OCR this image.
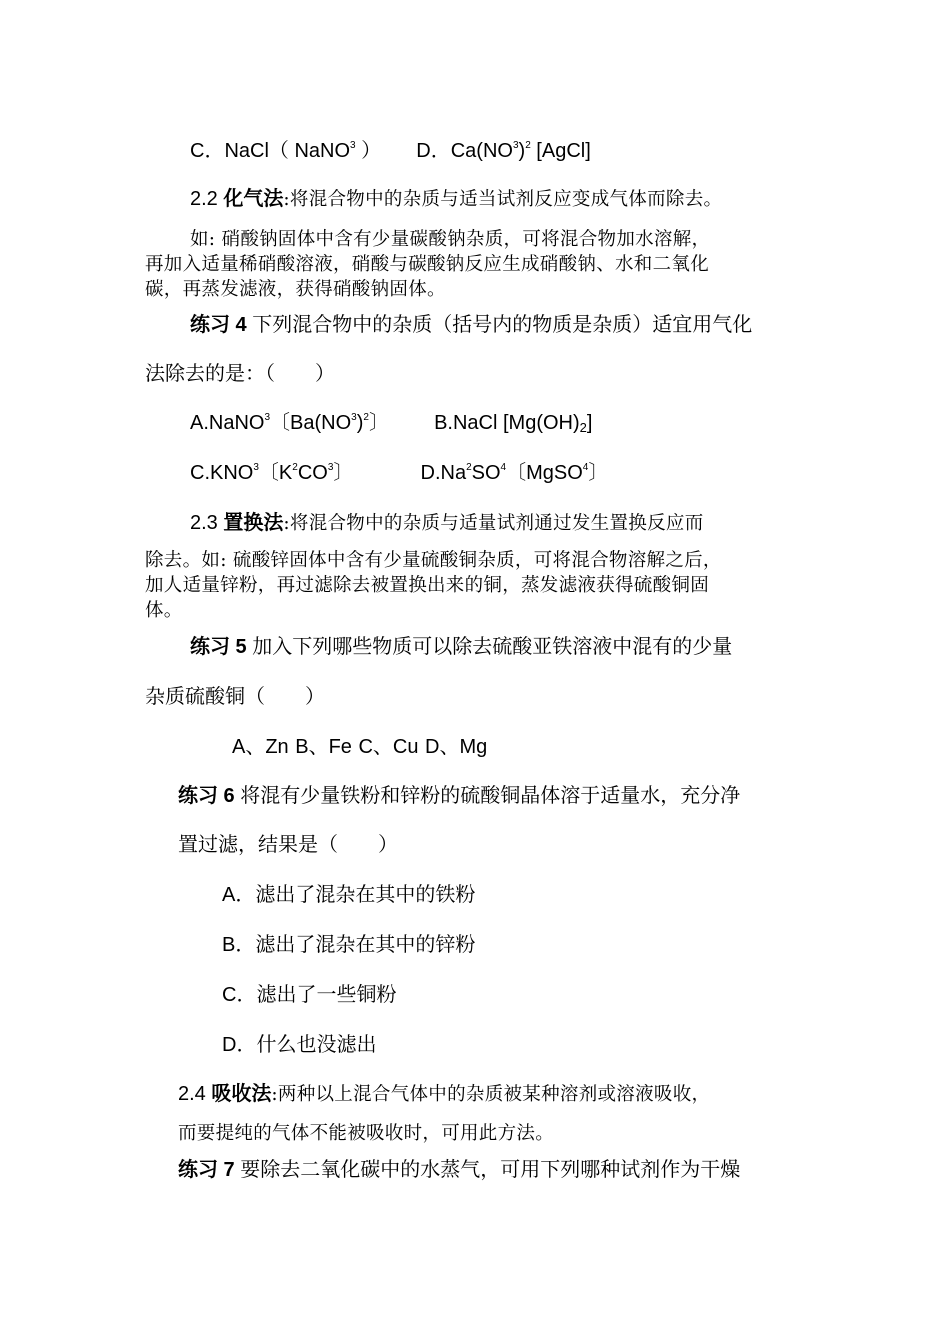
C．NaCl（ NaNO$^3$ ） D．$Ca(NO^3)^2$ [AgCl]
2.2 化气法:将混合物中的杂质与适当试剂反应变成气体而除去。
如: 硝酸钠固体中含有少量碳酸钠杂质，可将混合物加水溶解，
再加入适量稀硝酸溶液，硝酸与碳酸钠反应生成硝酸钠、水和二氧化
碳，再蒸发滤液，获得硝酸钠固体。
练习 4 下列混合物中的杂质（括号内的物质是杂质）适宜用气化
法除去的是：（　　）
A.NaNO$^3$〔$Ba(NO^3)^2$〕 B.NaCl $[Mg(OH)_2]$
C.KNO$^3$〔$K^2CO^3$〕	$D.Na^2SO^4$〔MgSO$^4$〕
2.3 置换法:将混合物中的杂质与适量试剂通过发生置换反应而
除去。如: 硫酸锌固体中含有少量硫酸铜杂质，可将混合物溶解之后，
加人适量锌粉，再过滤除去被置换出来的铜，蒸发滤液获得硫酸铜固
体。
练习 5 加入下列哪些物质可以除去硫酸亚铁溶液中混有的少量
杂质硫酸铜（　　）
A、Zn B、Fe C、Cu D、Mg
练习 6 将混有少量铁粉和锌粉的硫酸铜晶体溶于适量水，充分净
置过滤，结果是（　　）
A．滤出了混杂在其中的铁粉
B．滤出了混杂在其中的锌粉
C．滤出了一些铜粉
D．什么也没滤出
2.4 吸收法:两种以上混合气体中的杂质被某种溶剂或溶液吸收，
而要提纯的气体不能被吸收时，可用此方法。
练习 7 要除去二氧化碳中的水蒸气，可用下列哪种试剂作为干燥
